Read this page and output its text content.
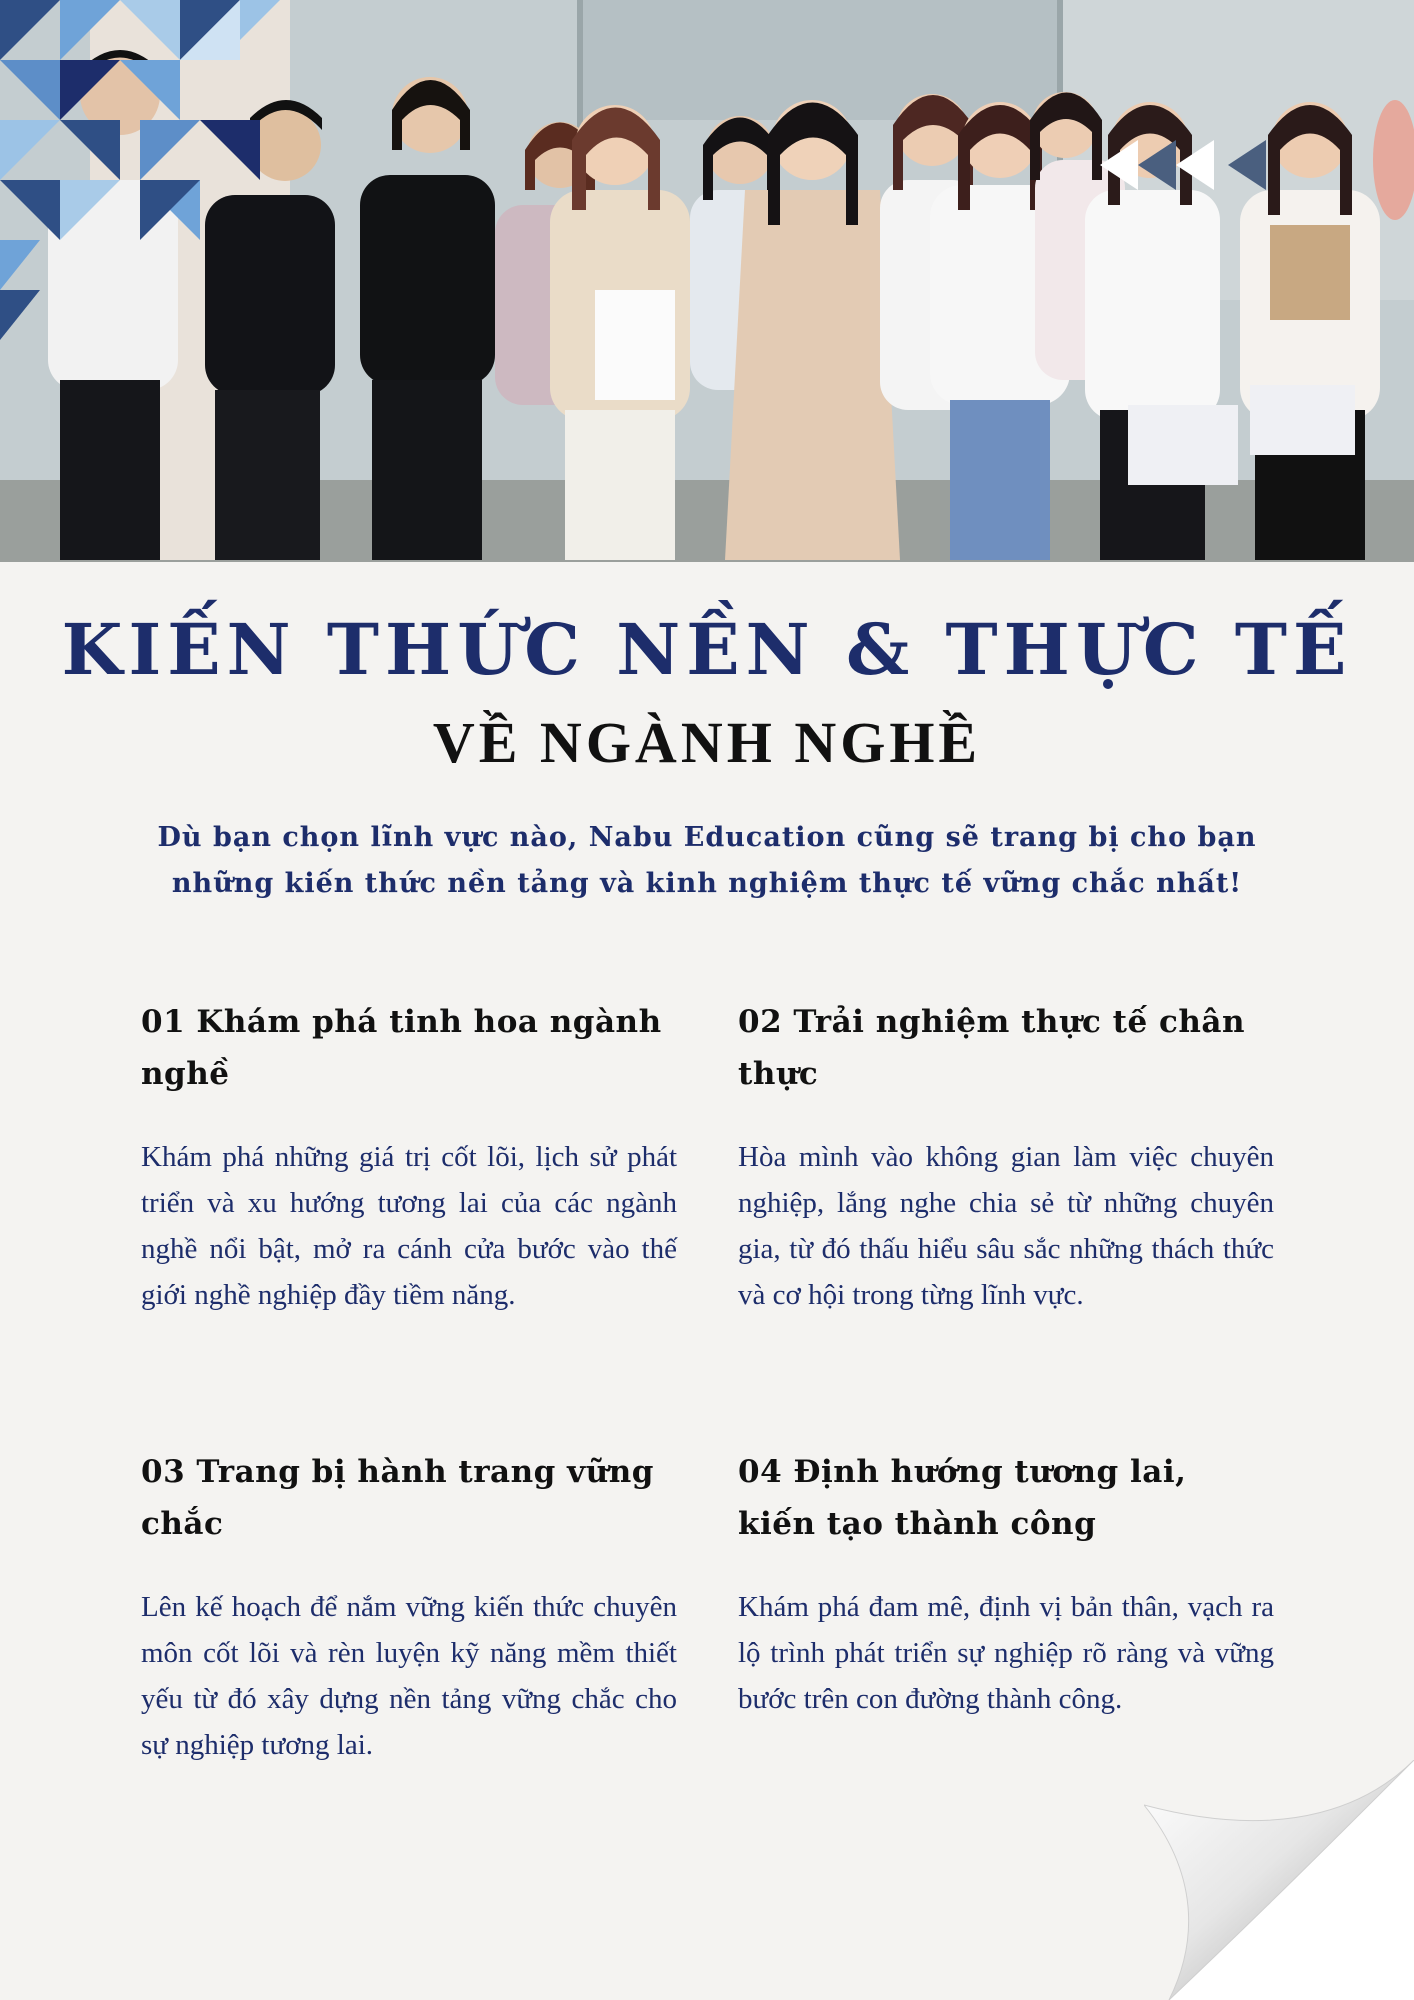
KIẾN THỨC NỀN & THỰC TẾ
VỀ NGÀNH NGHỀ

Dù bạn chọn lĩnh vực nào, Nabu Education cũng sẽ trang bị cho bạn những kiến thức nền tảng và kinh nghiệm thực tế vững chắc nhất!

01 Khám phá tinh hoa ngành nghề

Khám phá những giá trị cốt lõi, lịch sử phát triển và xu hướng tương lai của các ngành nghề nổi bật, mở ra cánh cửa bước vào thế giới nghề nghiệp đầy tiềm năng.

02 Trải nghiệm thực tế chân thực

Hòa mình vào không gian làm việc chuyên nghiệp, lắng nghe chia sẻ từ những chuyên gia, từ đó thấu hiểu sâu sắc những thách thức và cơ hội trong từng lĩnh vực.

03 Trang bị hành trang vững chắc

Lên kế hoạch để nắm vững kiến thức chuyên môn cốt lõi và rèn luyện kỹ năng mềm thiết yếu từ đó xây dựng nền tảng vững chắc cho sự nghiệp tương lai.

04 Định hướng tương lai, kiến tạo thành công

Khám phá đam mê, định vị bản thân, vạch ra lộ trình phát triển sự nghiệp rõ ràng và vững bước trên con đường thành công.
